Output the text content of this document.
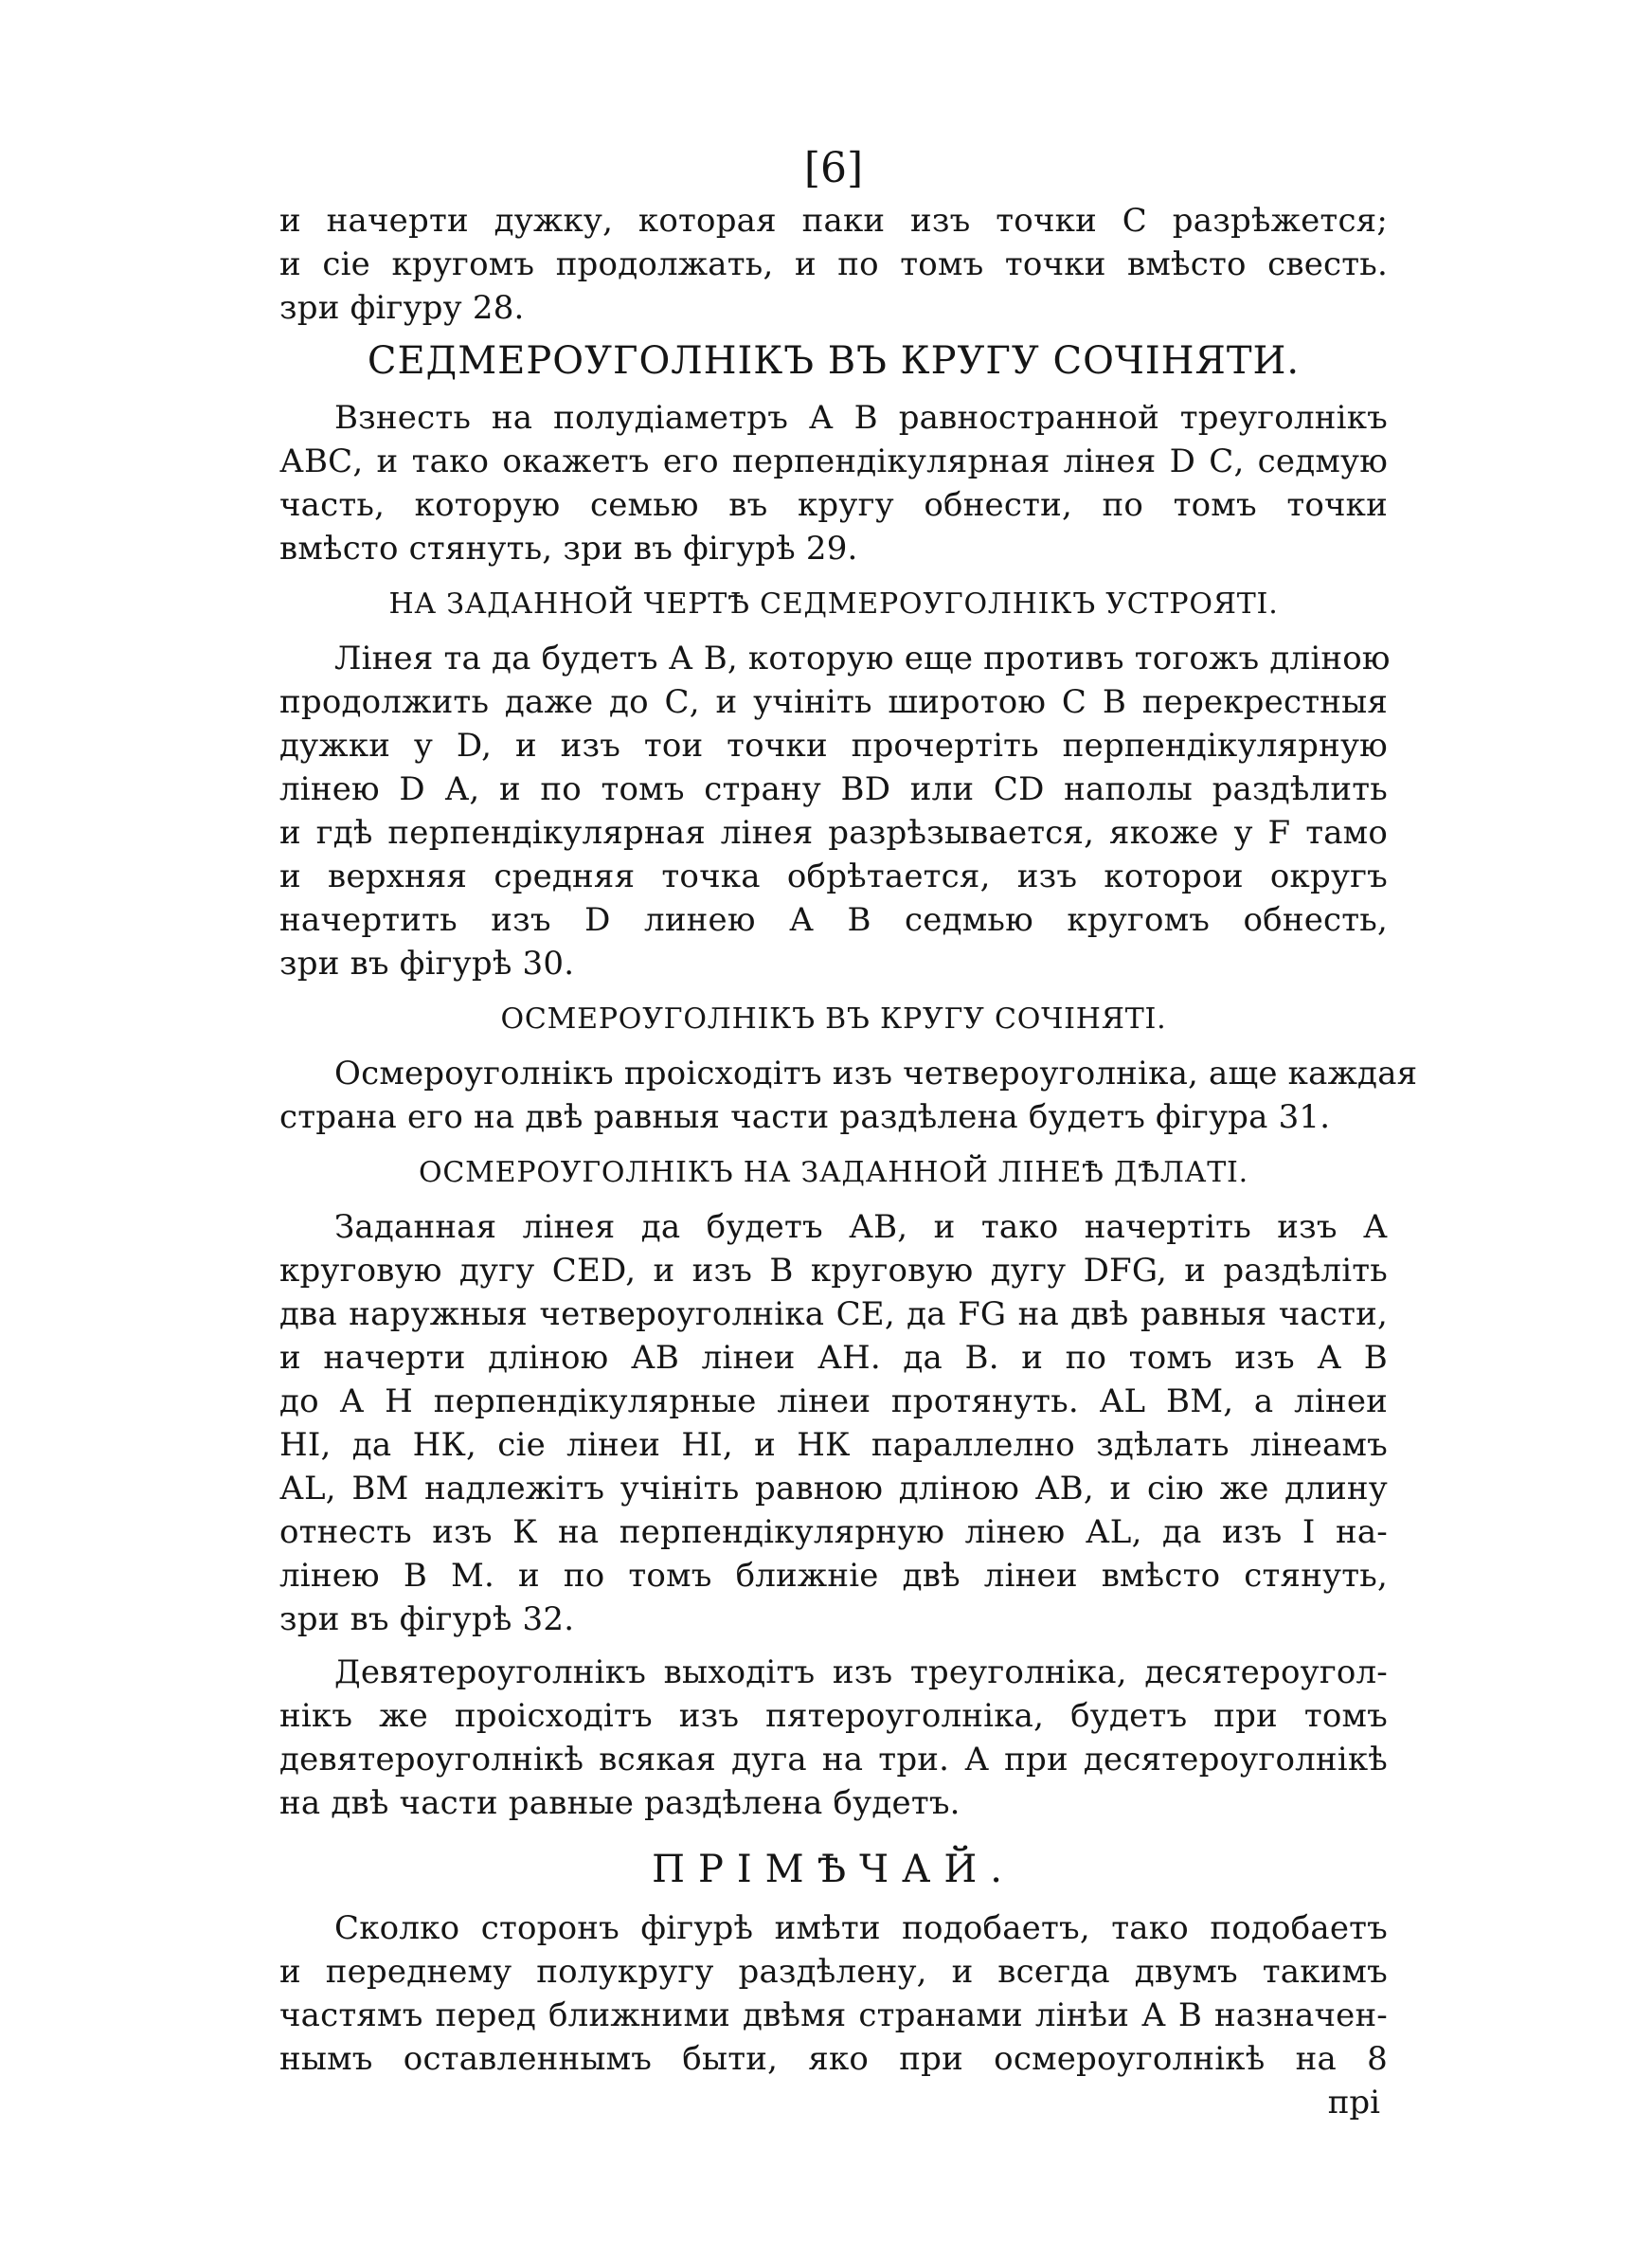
[6]
и начерти дужку, которая паки изъ точки С разрѣжется;
и сіе кругомъ продолжать, и по томъ точки вмѣсто свесть.
зри фігуру 28.
СЕДМЕРОУГОЛНІКЪ ВЪ КРУГУ СОЧІНЯТИ.
Взнесть на полудіаметръ А В равностранной треуголнікъ
АВС, и тако окажетъ его перпендікулярная лінея D С, седмую
часть, которую семью въ кругу обнести, по томъ точки
вмѣсто стянуть, зри въ фігурѣ 29.
НА ЗАДАННОЙ ЧЕРТѢ СЕДМЕРОУГОЛНІКЪ УСТРОЯТІ.
Лінея та да будетъ А В, которую еще противъ тогожъ длiною
продолжить даже до С, и учініть широтою С В перекрестныя
дужки у D, и изъ тои точки прочертіть перпендікулярную
лінею D А, и по томъ страну ВD или СD наполы раздѣлить
и гдѣ перпендікулярная лінея разрѣзывается, якоже у F тамо
и верхняя средняя точка обрѣтается, изъ которои округъ
начертить изъ D линею А В седмью кругомъ обнесть,
зри въ фігурѣ 30.
ОСМЕРОУГОЛНІКЪ ВЪ КРУГУ СОЧІНЯТІ.
Осмероуголнікъ проісходітъ изъ четвероуголніка, аще каждая
страна его на двѣ равныя части раздѣлена будетъ фігура 31.
ОСМЕРОУГОЛНІКЪ НА ЗАДАННОЙ ЛІНЕѢ ДѢЛАТІ.
Заданная лінея да будетъ АВ, и тако начертіть изъ А
круговую дугу СЕD, и изъ В круговую дугу DFG, и раздѣліть
два наружныя четвероуголніка СЕ, да FG на двѣ равныя части,
и начерти длiною АВ лінеи АН. да В. и по томъ изъ А В
до А Н перпендікулярные лінеи протянуть. АL ВМ, а лінеи
НІ, да НК, сіе лінеи НІ, и НК параллелно здѣлать лінеамъ
АL, ВМ надлежітъ учініть равною длiною АВ, и сію же длину
отнесть изъ К на перпендікулярную лінею АL, да изъ I на-
лінею В М. и по томъ ближніе двѣ лінеи вмѣсто стянуть,
зри въ фігурѣ 32.
Девятероуголнікъ выходітъ изъ треуголніка, десятероугол-
нікъ же проісходітъ изъ пятероуголніка, будетъ при томъ
девятероуголнікѣ всякая дуга на три. А при десятероуголнікѣ
на двѣ части равные раздѣлена будетъ.
ПРІМѢЧАЙ.
Сколко сторонъ фігурѣ имѣти подобаетъ, тако подобаетъ
и переднему полукругу раздѣлену, и всегда двумъ такимъ
частямъ перед ближними двѣмя странами лінѣи А В назначен-
нымъ оставленнымъ быти, яко при осмероуголнікѣ на 8
прі
